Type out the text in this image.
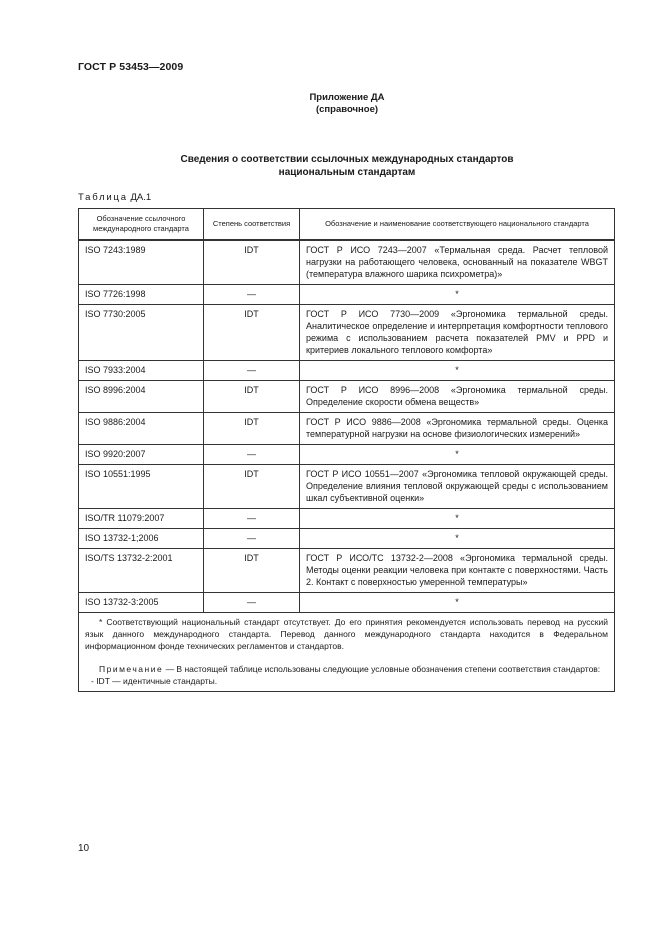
ГОСТ Р 53453—2009
Приложение ДА
(справочное)
Сведения о соответствии ссылочных международных стандартов
национальным стандартам
Таблица ДА.1
Обозначение ссылочного международного стандарта	Степень соответствия	Обозначение и наименование соответствующего национального стандарта
ISO 7243:1989	IDT	ГОСТ Р ИСО 7243—2007 «Термальная среда. Расчет тепловой нагрузки на работающего человека, основанный на показателе WBGT (температура влажного шарика психрометра)»
ISO 7726:1998	—	*
ISO 7730:2005	IDT	ГОСТ Р ИСО 7730—2009 «Эргономика термальной среды. Аналитическое определение и интерпретация комфортности теплового режима с использованием расчета показателей PMV и PPD и критериев локального теплового комфорта»
ISO 7933:2004	—	*
ISO 8996:2004	IDT	ГОСТ Р ИСО 8996—2008 «Эргономика термальной среды. Определение скорости обмена веществ»
ISO 9886:2004	IDT	ГОСТ Р ИСО 9886—2008 «Эргономика термальной среды. Оценка температурной нагрузки на основе физиологических измерений»
ISO 9920:2007	—	*
ISO 10551:1995	IDT	ГОСТ Р ИСО 10551—2007 «Эргономика тепловой окружающей среды. Определение влияния тепловой окружающей среды с использованием шкал субъективной оценки»
ISO/TR 11079:2007	—	*
ISO 13732-1;2006	—	*
ISO/TS 13732-2:2001	IDT	ГОСТ Р ИСО/ТС 13732-2—2008 «Эргономика термальной среды. Методы оценки реакции человека при контакте с поверхностями. Часть 2. Контакт с поверхностью умеренной температуры»
ISO 13732-3:2005	—	*

* Соответствующий национальный стандарт отсутствует. До его принятия рекомендуется использовать перевод на русский язык данного международного стандарта. Перевод данного международного стандарта находится в Федеральном информационном фонде технических регламентов и стандартов.

Примечание — В настоящей таблице использованы следующие условные обозначения степени соответствия стандартов:

- IDT — идентичные стандарты.		

10
